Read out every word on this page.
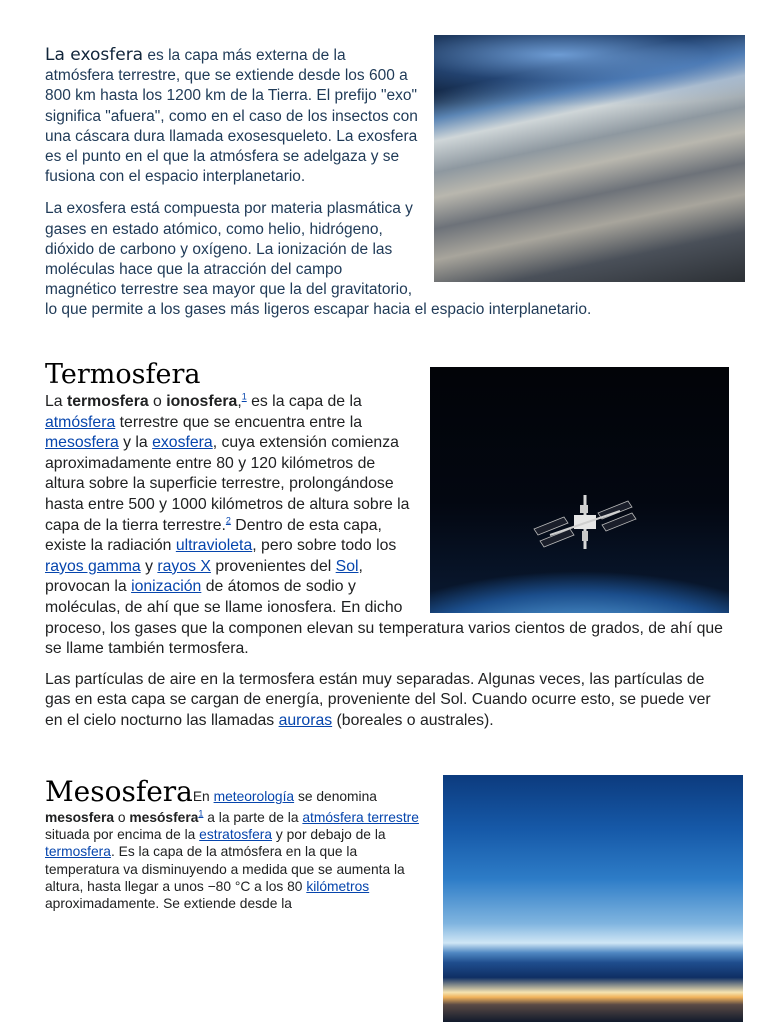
La exosfera es la capa más externa de la atmósfera terrestre, que se extiende desde los 600 a 800 km hasta los 1200 km de la Tierra. El prefijo "exo" significa "afuera", como en el caso de los insectos con una cáscara dura llamada exosesqueleto. La exosfera es el punto en el que la atmósfera se adelgaza y se fusiona con el espacio interplanetario.

La exosfera está compuesta por materia plasmática y gases en estado atómico, como helio, hidrógeno, dióxido de carbono y oxígeno. La ionización de las moléculas hace que la atracción del campo magnético terrestre sea mayor que la del gravitatorio, lo que permite a los gases más ligeros escapar hacia el espacio interplanetario.

Termosfera

La termosfera o ionosfera,$^1$ es la capa de la atmósfera terrestre que se encuentra entre la mesosfera y la exosfera, cuya extensión comienza aproximadamente entre 80 y 120 kilómetros de altura sobre la superficie terrestre, prolongándose hasta entre 500 y 1000 kilómetros de altura sobre la capa de la tierra terrestre.$^2$ Dentro de esta capa, existe la radiación ultravioleta, pero sobre todo los rayos gamma y rayos X provenientes del Sol, provocan la ionización de átomos de sodio y moléculas, de ahí que se llame ionosfera. En dicho proceso, los gases que la componen elevan su temperatura varios cientos de grados, de ahí que se llame también termosfera.

Las partículas de aire en la termosfera están muy separadas. Algunas veces, las partículas de gas en esta capa se cargan de energía, proveniente del Sol. Cuando ocurre esto, se puede ver en el cielo nocturno las llamadas auroras (boreales o australes).

MesosferaEn meteorología se denomina mesosfera o mesósfera$^1$ a la parte de la atmósfera terrestre situada por encima de la estratosfera y por debajo de la termosfera. Es la capa de la atmósfera en la que la temperatura va disminuyendo a medida que se aumenta la altura, hasta llegar a unos −80 °C a los 80 kilómetros aproximadamente. Se extiende desde la
